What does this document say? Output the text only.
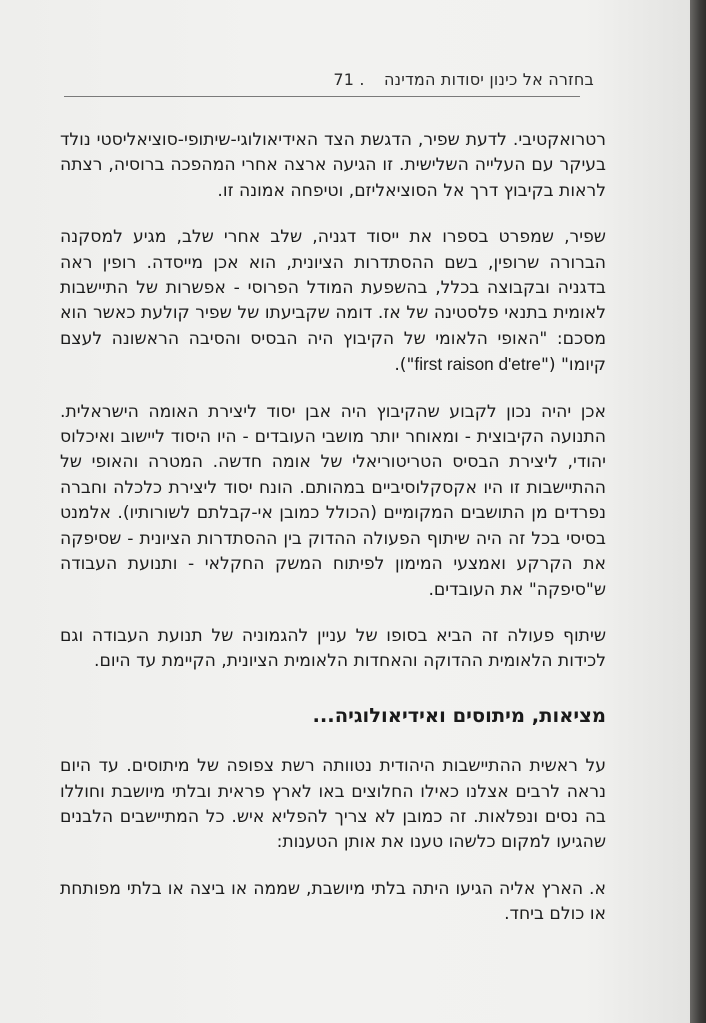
בחזרה אל כינון יסודות המדינה . 71

רטרואקטיבי. לדעת שפיר, הדגשת הצד האידיאולוגי-שיתופי-סוציאליסטי נולד בעיקר עם העלייה השלישית. זו הגיעה ארצה אחרי המהפכה ברוסיה, רצתה לראות בקיבוץ דרך אל הסוציאליזם, וטיפחה אמונה זו.

שפיר, שמפרט בספרו את ייסוד דגניה, שלב אחרי שלב, מגיע למסקנה הברורה שרופין, בשם ההסתדרות הציונית, הוא אכן מייסדה. רופין ראה בדגניה ובקבוצה בכלל, בהשפעת המודל הפרוסי - אפשרות של התיישבות לאומית בתנאי פלסטינה של אז. דומה שקביעתו של שפיר קולעת כאשר הוא מסכם: "האופי הלאומי של הקיבוץ היה הבסיס והסיבה הראשונה לעצם קיומו" ("first raison d'etre").

אכן יהיה נכון לקבוע שהקיבוץ היה אבן יסוד ליצירת האומה הישראלית. התנועה הקיבוצית - ומאוחר יותר מושבי העובדים - היו היסוד ליישוב ואיכלוס יהודי, ליצירת הבסיס הטריטוריאלי של אומה חדשה. המטרה והאופי של ההתיישבות זו היו אקסקלוסיביים במהותם. הונח יסוד ליצירת כלכלה וחברה נפרדים מן התושבים המקומיים (הכולל כמובן אי-קבלתם לשורותיו). אלמנט בסיסי בכל זה היה שיתוף הפעולה ההדוק בין ההסתדרות הציונית - שסיפקה את הקרקע ואמצעי המימון לפיתוח המשק החקלאי - ותנועת העבודה ש"סיפקה" את העובדים.

שיתוף פעולה זה הביא בסופו של עניין להגמוניה של תנועת העבודה וגם לכידות הלאומית ההדוקה והאחדות הלאומית הציונית, הקיימת עד היום.

מציאות, מיתוסים ואידיאולוגיה...

על ראשית ההתיישבות היהודית נטוותה רשת צפופה של מיתוסים. עד היום נראה לרבים אצלנו כאילו החלוצים באו לארץ פראית ובלתי מיושבת וחוללו בה נסים ונפלאות. זה כמובן לא צריך להפליא איש. כל המתיישבים הלבנים שהגיעו למקום כלשהו טענו את אותן הטענות:

א. הארץ אליה הגיעו היתה בלתי מיושבת, שממה או ביצה או בלתי מפותחת או כולם ביחד.
